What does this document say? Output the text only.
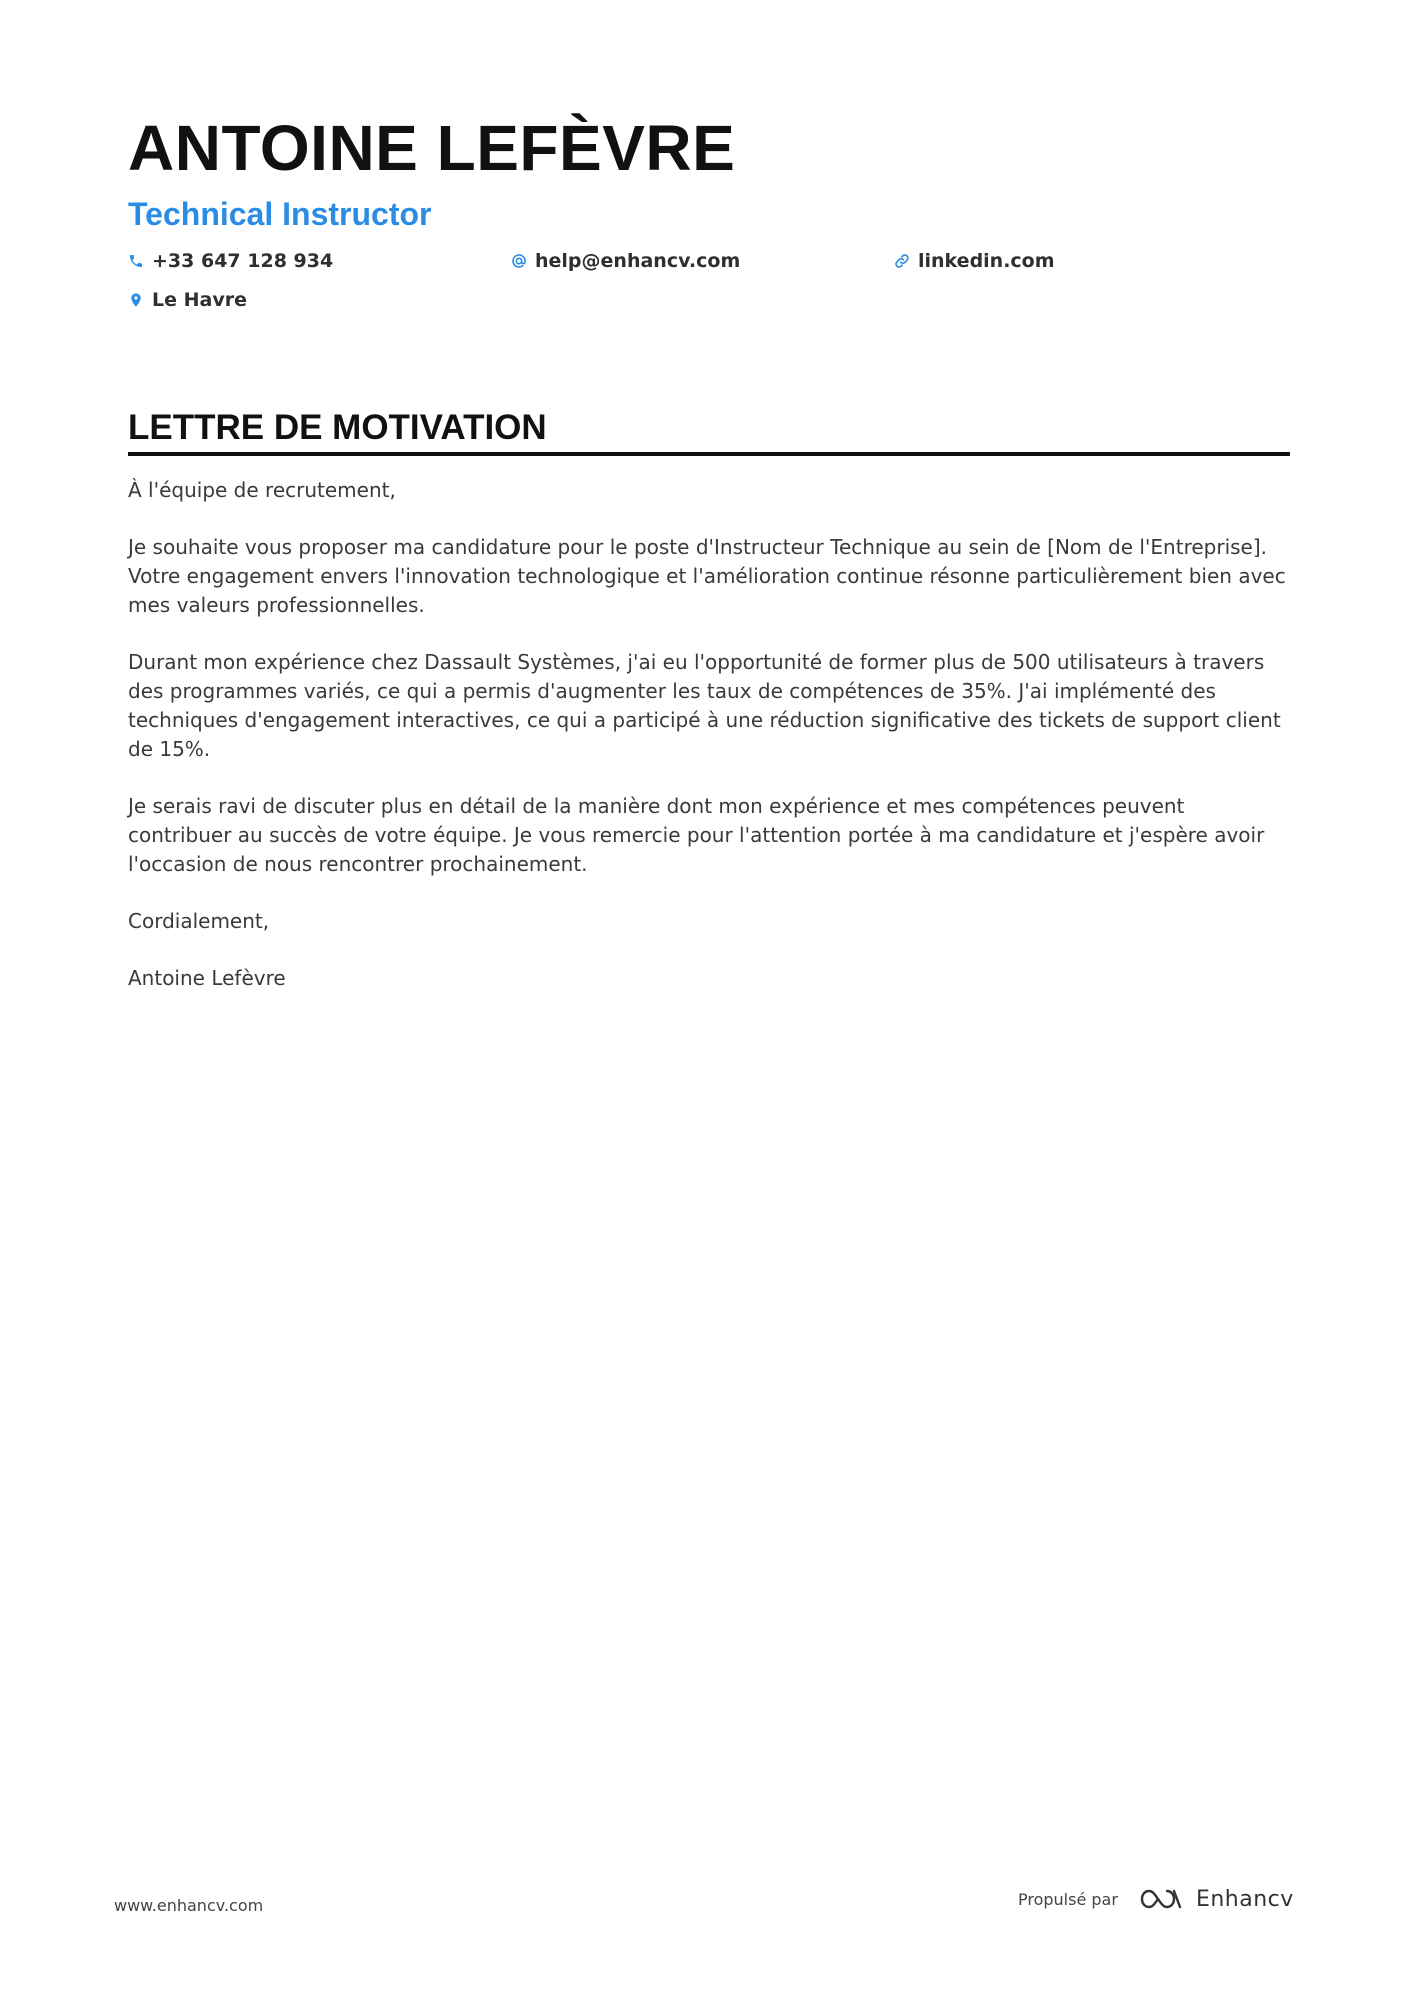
ANTOINE LEFÈVRE
Technical Instructor
+33 647 128 934	help@enhancv.com	linkedin.com
Le Havre
LETTRE DE MOTIVATION

À l'équipe de recrutement,

Je souhaite vous proposer ma candidature pour le poste d'Instructeur Technique au sein de [Nom de l'Entreprise]. Votre engagement envers l'innovation technologique et l'amélioration continue résonne particulièrement bien avec mes valeurs professionnelles.

Durant mon expérience chez Dassault Systèmes, j'ai eu l'opportunité de former plus de 500 utilisateurs à travers des programmes variés, ce qui a permis d'augmenter les taux de compétences de 35%. J'ai implémenté des techniques d'engagement interactives, ce qui a participé à une réduction significative des tickets de support client de 15%.

Je serais ravi de discuter plus en détail de la manière dont mon expérience et mes compétences peuvent contribuer au succès de votre équipe. Je vous remercie pour l'attention portée à ma candidature et j'espère avoir l'occasion de nous rencontrer prochainement.

Cordialement,

Antoine Lefèvre

www.enhancv.com	Propulsé par	Enhancv
